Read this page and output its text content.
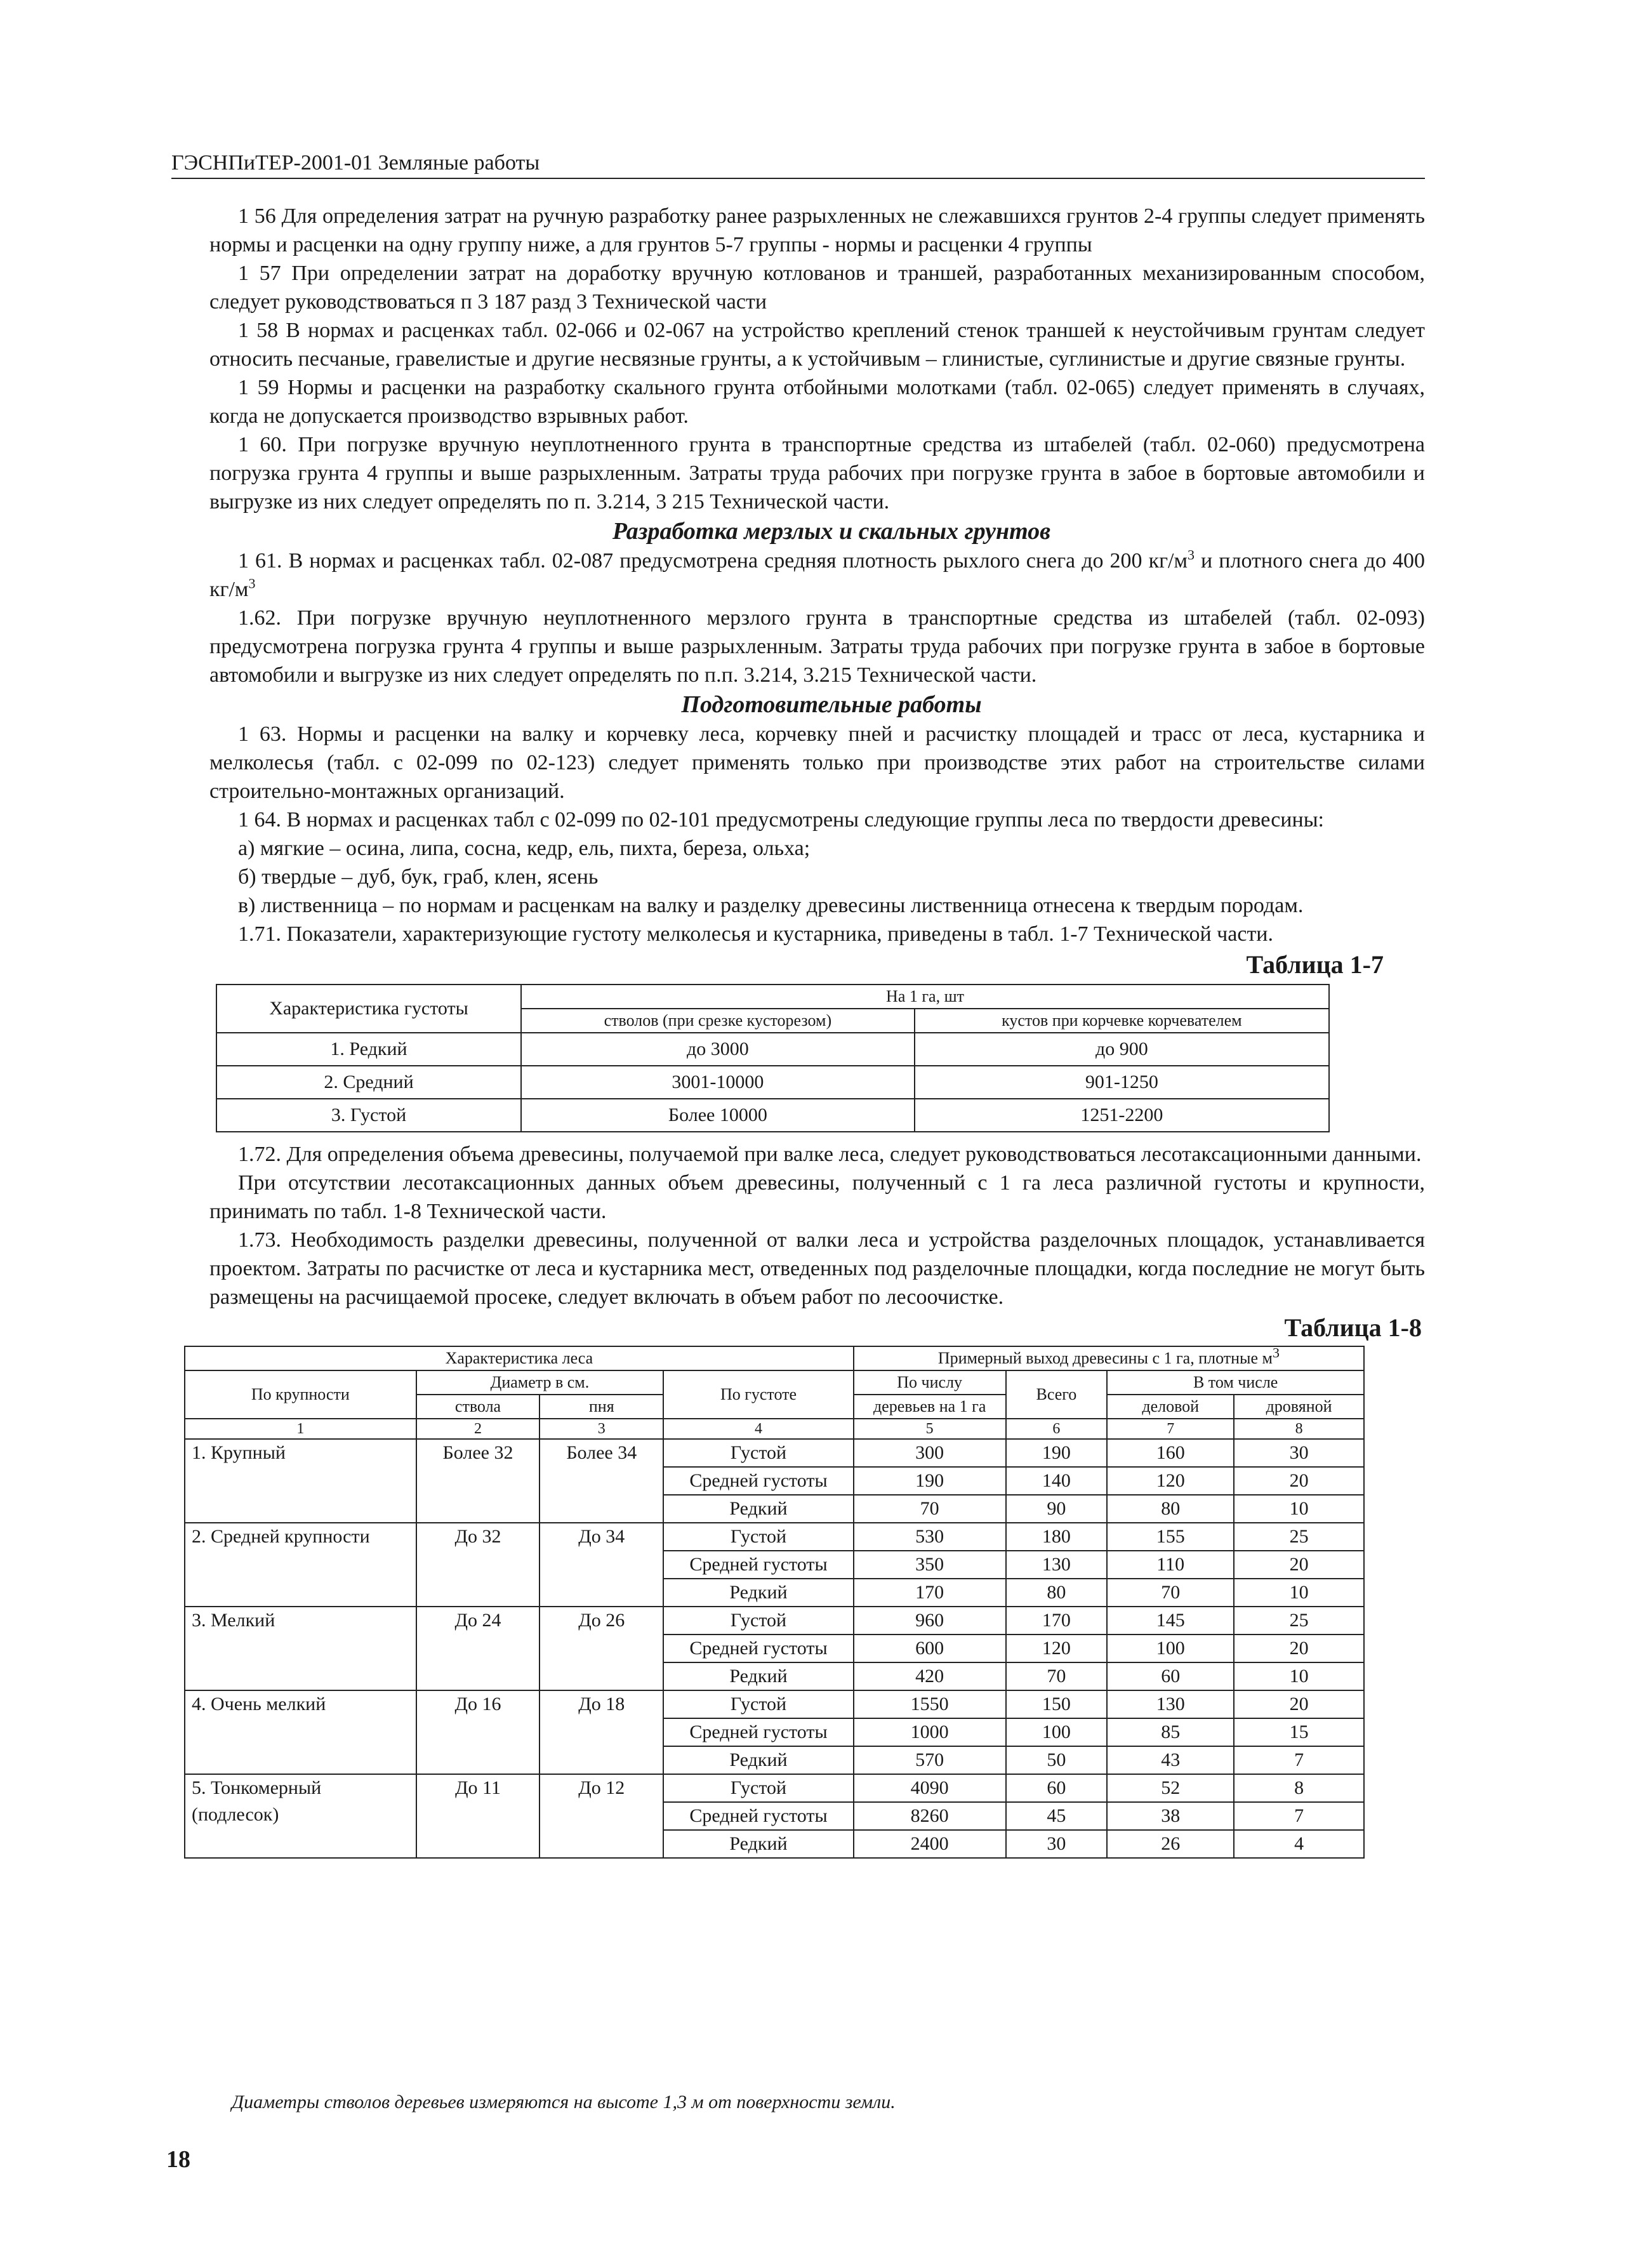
ГЭСНПиТЕР-2001-01 Земляные работы

1 56 Для определения затрат на ручную разработку ранее разрыхленных не слежавшихся грунтов 2-4 группы следует применять нормы и расценки на одну группу ниже, а для грунтов 5-7 группы - нормы и расценки 4 группы

1 57 При определении затрат на доработку вручную котлованов и траншей, разработанных механизированным способом, следует руководствоваться п 3 187 разд 3 Технической части

1 58 В нормах и расценках табл. 02-066 и 02-067 на устройство креплений стенок траншей к неустойчивым грунтам следует относить песчаные, гравелистые и другие несвязные грунты, а к устойчивым – глинистые, суглинистые и другие связные грунты.

1 59 Нормы и расценки на разработку скального грунта отбойными молотками (табл. 02-065) следует применять в случаях, когда не допускается производство взрывных работ.

1 60. При погрузке вручную неуплотненного грунта в транспортные средства из штабелей (табл. 02-060) предусмотрена погрузка грунта 4 группы и выше разрыхленным. Затраты труда рабочих при погрузке грунта в забое в бортовые автомобили и выгрузке из них следует определять по п. 3.214, 3 215 Технической части.

Разработка мерзлых и скальных грунтов

1 61. В нормах и расценках табл. 02-087 предусмотрена средняя плотность рыхлого снега до 200 $кг/м^3$ и плотного снега до 400 $кг/м^3$

1.62. При погрузке вручную неуплотненного мерзлого грунта в транспортные средства из штабелей (табл. 02-093) предусмотрена погрузка грунта 4 группы и выше разрыхленным. Затраты труда рабочих при погрузке грунта в забое в бортовые автомобили и выгрузке из них следует определять по п.п. 3.214, 3.215 Технической части.

Подготовительные работы

1 63. Нормы и расценки на валку и корчевку леса, корчевку пней и расчистку площадей и трасс от леса, кустарника и мелколесья (табл. с 02-099 по 02-123) следует применять только при производстве этих работ на строительстве силами строительно-монтажных организаций.

1 64. В нормах и расценках табл с 02-099 по 02-101 предусмотрены следующие группы леса по твердости древесины:

а) мягкие – осина, липа, сосна, кедр, ель, пихта, береза, ольха;

б) твердые – дуб, бук, граб, клен, ясень

в) лиственница – по нормам и расценкам на валку и разделку древесины лиственница отнесена к твердым породам.

1.71. Показатели, характеризующие густоту мелколесья и кустарника, приведены в табл. 1-7 Технической части.

Таблица 1-7

Характеристика густоты	На 1 га, шт	
	стволов (при срезке кусторезом)	кустов при корчевке корчевателем
1. Редкий	до 3000	до 900
2. Средний	3001-10000	901-1250
3. Густой	Более 10000	1251-2200

1.72. Для определения объема древесины, получаемой при валке леса, следует руководствоваться лесотаксационными данными.

При отсутствии лесотаксационных данных объем древесины, полученный с 1 га леса различной густоты и крупности, принимать по табл. 1-8 Технической части.

1.73. Необходимость разделки древесины, полученной от валки леса и устройства разделочных площадок, устанавливается проектом. Затраты по расчистке от леса и кустарника мест, отведенных под разделочные площадки, когда последние не могут быть размещены на расчищаемой просеке, следует включать в объем работ по лесоочистке.

Таблица 1-8

Характеристика леса				Примерный выход древесины с 1 га, плотные $м^3$
По крупности	Диаметр в см.		По густоте	По числу	Всего	В том числе	
	ствола	пня		деревьев на 1 га		деловой	дровяной
1	2	3	4	5	6	7	8
1. Крупный	Более 32	Более 34	Густой	300	190	160	30
			Средней густоты	190	140	120	20
			Редкий	70	90	80	10
2. Средней крупности	До 32	До 34	Густой	530	180	155	25
			Средней густоты	350	130	110	20
			Редкий	170	80	70	10
3. Мелкий	До 24	До 26	Густой	960	170	145	25
			Средней густоты	600	120	100	20
			Редкий	420	70	60	10
4. Очень мелкий	До 16	До 18	Густой	1550	150	130	20
			Средней густоты	1000	100	85	15
			Редкий	570	50	43	7
5. Тонкомерный (подлесок)	До 11	До 12	Густой	4090	60	52	8
			Средней густоты	8260	45	38	7
			Редкий	2400	30	26	4
Диаметры стволов деревьев измеряются на высоте 1,3 м от поверхности земли.
18
